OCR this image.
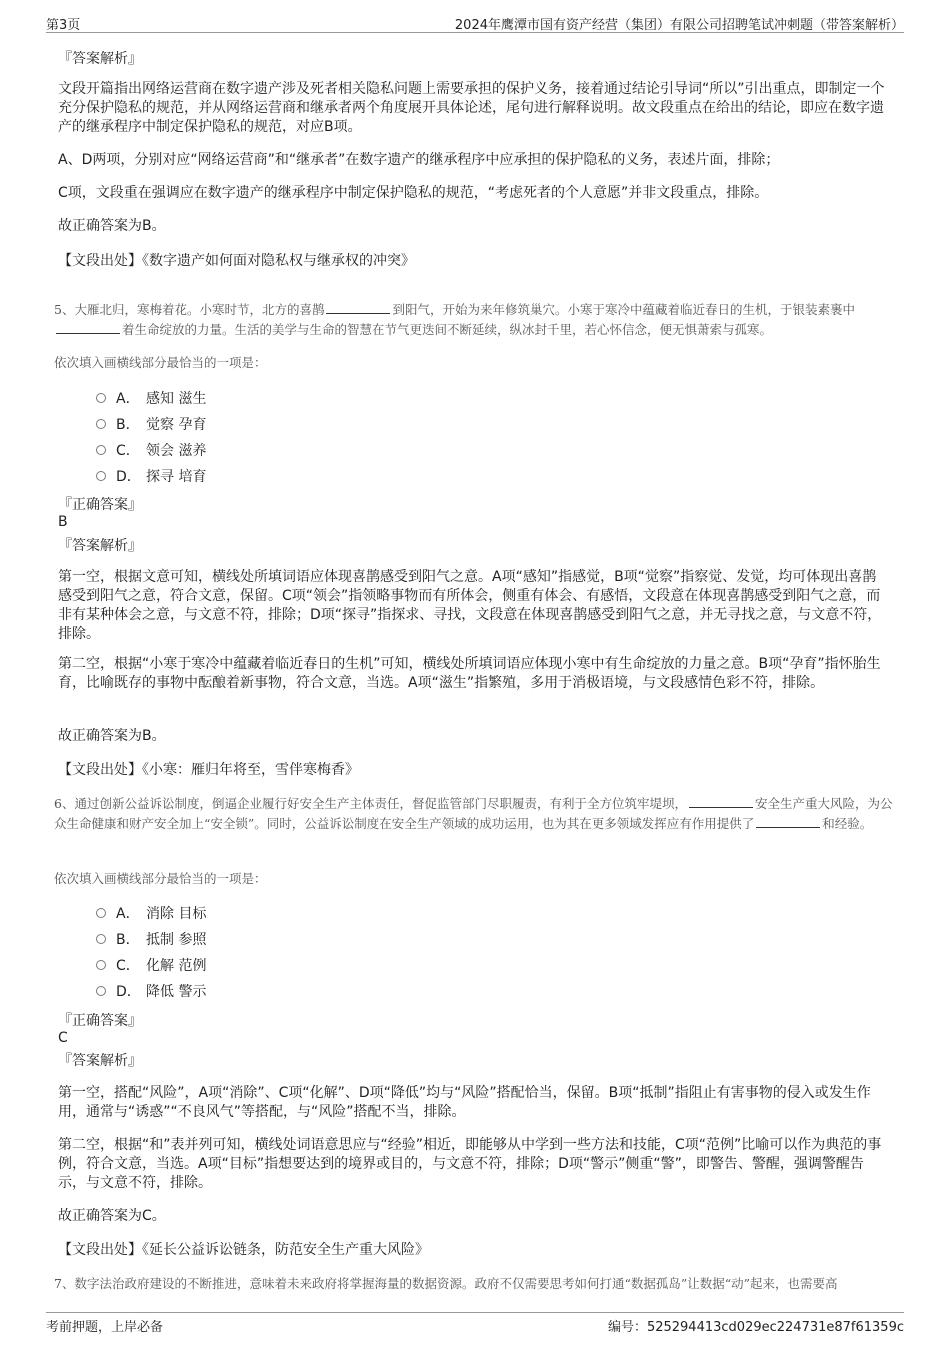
第3页	2024年鹰潭市国有资产经营（集团）有限公司招聘笔试冲刺题（带答案解析）
『答案解析』
文段开篇指出网络运营商在数字遗产涉及死者相关隐私问题上需要承担的保护义务，接着通过结论引导词“所以”引出重点，即制定一个充分保护隐私的规范，并从网络运营商和继承者两个角度展开具体论述，尾句进行解释说明。故文段重点在给出的结论，即应在数字遗产的继承程序中制定保护隐私的规范，对应B项。
A、D两项，分别对应“网络运营商”和“继承者”在数字遗产的继承程序中应承担的保护隐私的义务，表述片面，排除；
C项，文段重在强调应在数字遗产的继承程序中制定保护隐私的规范，“考虑死者的个人意愿”并非文段重点，排除。
故正确答案为B。
【文段出处】《数字遗产如何面对隐私权与继承权的冲突》
5、大雁北归，寒梅着花。小寒时节，北方的喜鹊	到阳气，开始为来年修筑巢穴。小寒于寒冷中蕴藏着临近春日的生机，于银装素裹中着生命绽放的力量。生活的美学与生命的智慧在节气更迭间不断延续，纵冰封千里，若心怀信念，便无惧萧索与孤寒。
依次填入画横线部分最恰当的一项是：
A． 感知 滋生
B． 觉察 孕育
C． 领会 滋养
D． 探寻 培育
『正确答案』
B
『答案解析』
第一空，根据文意可知，横线处所填词语应体现喜鹊感受到阳气之意。A项“感知”指感觉，B项“觉察”指察觉、发觉，均可体现出喜鹊感受到阳气之意，符合文意，保留。C项“领会”指领略事物而有所体会，侧重有体会、有感悟，文段意在体现喜鹊感受到阳气之意，而非有某种体会之意，与文意不符，排除；D项“探寻”指探求、寻找，文段意在体现喜鹊感受到阳气之意，并无寻找之意，与文意不符，排除。
第二空，根据“小寒于寒冷中蕴藏着临近春日的生机”可知，横线处所填词语应体现小寒中有生命绽放的力量之意。B项“孕育”指怀胎生育，比喻既存的事物中酝酿着新事物，符合文意，当选。A项“滋生”指繁殖，多用于消极语境，与文段感情色彩不符，排除。
故正确答案为B。
【文段出处】《小寒：雁归年将至，雪伴寒梅香》
6、通过创新公益诉讼制度，倒逼企业履行好安全生产主体责任，督促监管部门尽职履责，有利于全方位筑牢堤坝，	安全生产重大风险，为公众生命健康和财产安全加上“安全锁”。同时，公益诉讼制度在安全生产领域的成功运用，也为其在更多领域发挥应有作用提供了	和经验。
依次填入画横线部分最恰当的一项是：
A． 消除 目标
B． 抵制 参照
C． 化解 范例
D． 降低 警示
『正确答案』
C
『答案解析』
第一空，搭配“风险”，A项“消除”、C项“化解”、D项“降低”均与“风险”搭配恰当，保留。B项“抵制”指阻止有害事物的侵入或发生作用，通常与“诱惑”“不良风气”等搭配，与“风险”搭配不当，排除。
第二空，根据“和”表并列可知，横线处词语意思应与“经验”相近，即能够从中学到一些方法和技能，C项“范例”比喻可以作为典范的事例，符合文意，当选。A项“目标”指想要达到的境界或目的，与文意不符，排除；D项“警示”侧重“警”，即警告、警醒，强调警醒告示，与文意不符，排除。
故正确答案为C。
【文段出处】《延长公益诉讼链条，防范安全生产重大风险》
7、数字法治政府建设的不断推进，意味着未来政府将掌握海量的数据资源。政府不仅需要思考如何打通“数据孤岛”让数据“动”起来，也需要高
考前押题，上岸必备	编号：525294413cd029ec224731e87f61359c
